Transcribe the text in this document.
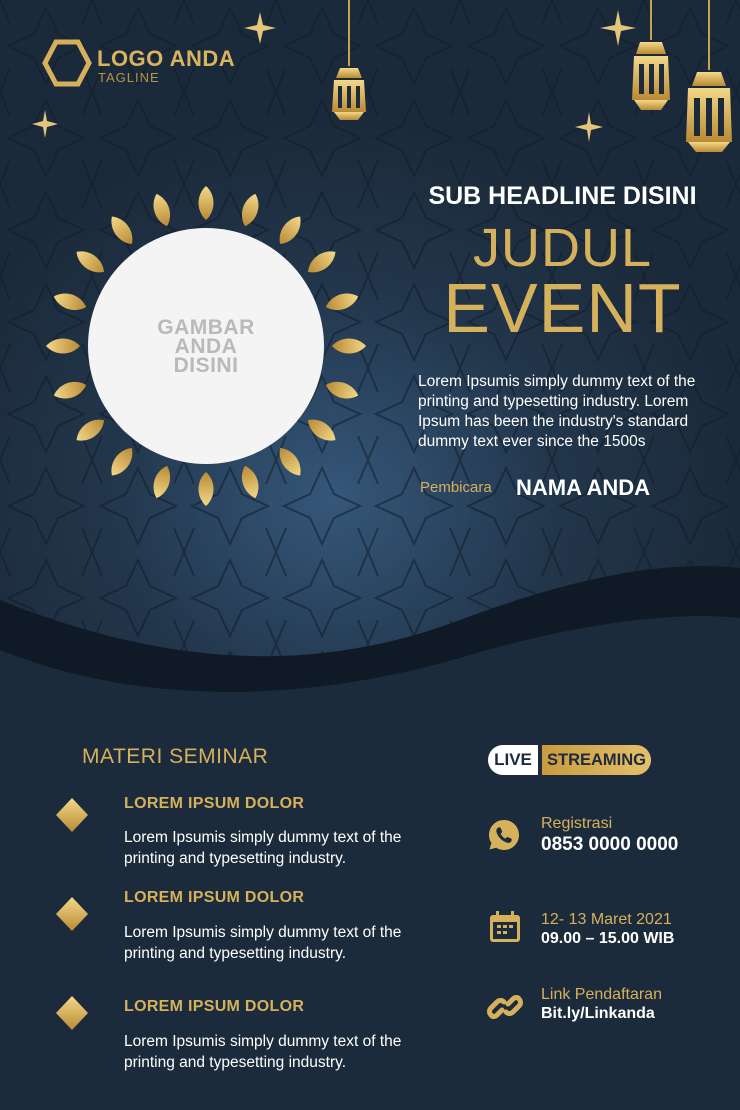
LOGO ANDA
TAGLINE
GAMBAR
ANDA
DISINI
SUB HEADLINE DISINI
JUDUL
EVENT
Lorem Ipsumis simply dummy text of the printing and typesetting industry. Lorem Ipsum has been the industry's standard dummy text ever since the 1500s
Pembicara NAMA ANDA
MATERI SEMINAR
LOREM IPSUM DOLOR
Lorem Ipsumis simply dummy text of the printing and typesetting industry.
LOREM IPSUM DOLOR
Lorem Ipsumis simply dummy text of the printing and typesetting industry.
LOREM IPSUM DOLOR
Lorem Ipsumis simply dummy text of the printing and typesetting industry.
LIVE STREAMING
Registrasi
0853 0000 0000
12- 13 Maret 2021
09.00 – 15.00 WIB
Link Pendaftaran
Bit.ly/Linkanda
